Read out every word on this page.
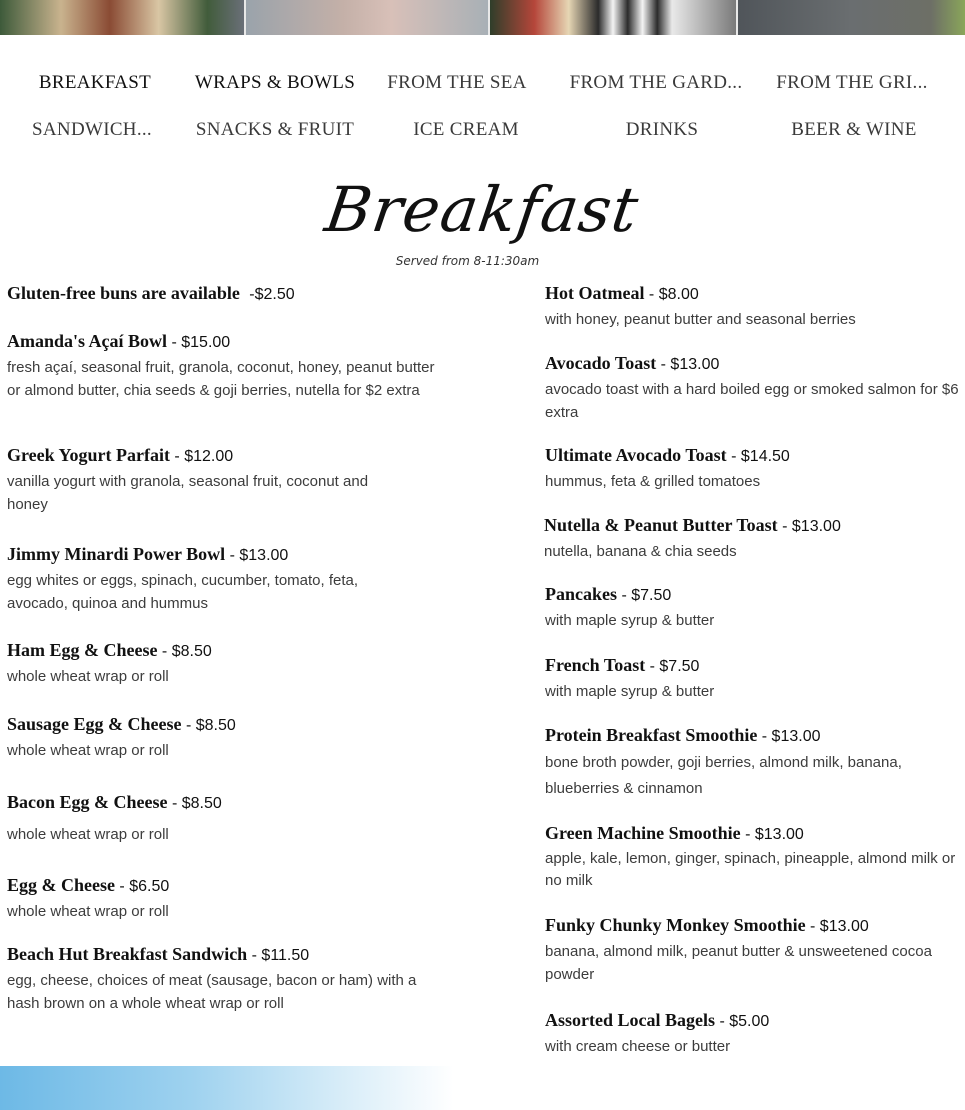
BREAKFAST	WRAPS & BOWLS	FROM THE SEA	FROM THE GARD...	FROM THE GRI...
SANDWICH...	SNACKS & FRUIT	ICE CREAM	DRINKS	BEER & WINE
Breakfast
Served from 8-11:30am
Gluten-free buns are available -$2.50
Amanda's Açaí Bowl - $15.00
fresh açaí, seasonal fruit, granola, coconut, honey, peanut butter or almond butter, chia seeds & goji berries, nutella for $2 extra
Greek Yogurt Parfait - $12.00
vanilla yogurt with granola, seasonal fruit, coconut and honey
Jimmy Minardi Power Bowl - $13.00
egg whites or eggs, spinach, cucumber, tomato, feta, avocado, quinoa and hummus
Ham Egg & Cheese - $8.50
whole wheat wrap or roll
Sausage Egg & Cheese - $8.50
whole wheat wrap or roll
Bacon Egg & Cheese - $8.50
whole wheat wrap or roll
Egg & Cheese - $6.50
whole wheat wrap or roll
Beach Hut Breakfast Sandwich - $11.50
egg, cheese, choices of meat (sausage, bacon or ham) with a hash brown on a whole wheat wrap or roll
Hot Oatmeal - $8.00
with honey, peanut butter and seasonal berries
Avocado Toast - $13.00
avocado toast with a hard boiled egg or smoked salmon for $6 extra
Ultimate Avocado Toast - $14.50
hummus, feta & grilled tomatoes
Nutella & Peanut Butter Toast - $13.00
nutella, banana & chia seeds
Pancakes - $7.50
with maple syrup & butter
French Toast - $7.50
with maple syrup & butter
Protein Breakfast Smoothie - $13.00
bone broth powder, goji berries, almond milk, banana, blueberries & cinnamon
Green Machine Smoothie - $13.00
apple, kale, lemon, ginger, spinach, pineapple, almond milk or no milk
Funky Chunky Monkey Smoothie - $13.00
banana, almond milk, peanut butter & unsweetened cocoa powder
Assorted Local Bagels - $5.00
with cream cheese or butter
